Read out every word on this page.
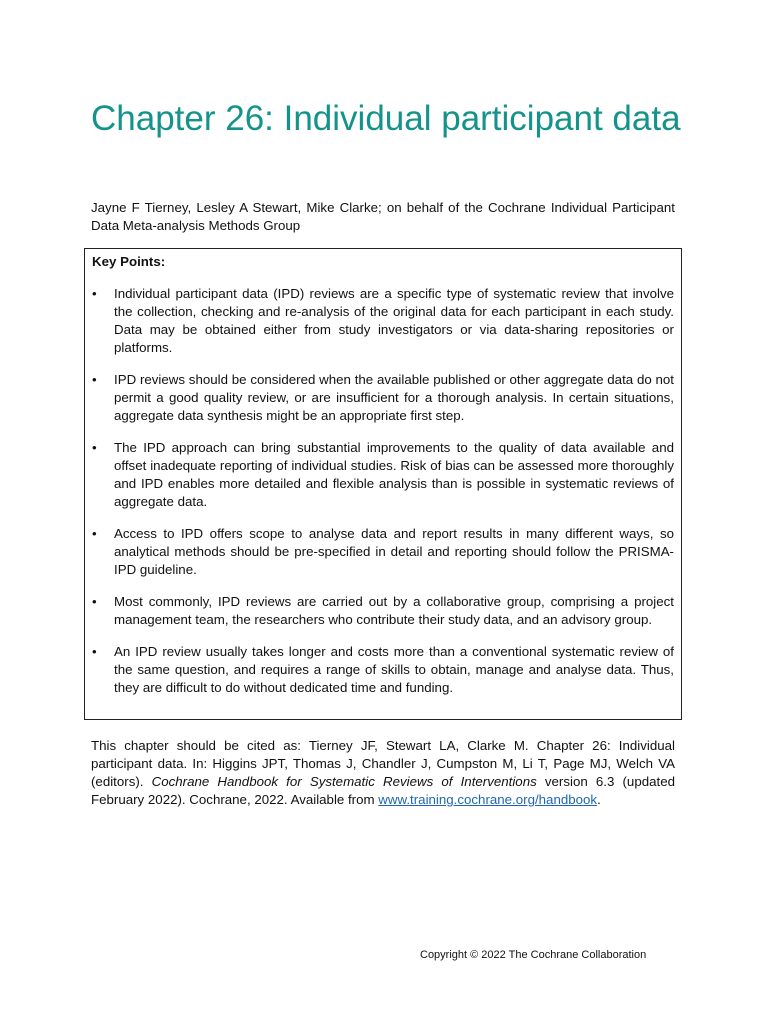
Chapter 26: Individual participant data

Jayne F Tierney, Lesley A Stewart, Mike Clarke; on behalf of the Cochrane Individual Participant Data Meta-analysis Methods Group

Key Points:
• Individual participant data (IPD) reviews are a specific type of systematic review that involve the collection, checking and re-analysis of the original data for each participant in each study. Data may be obtained either from study investigators or via data-sharing repositories or platforms.
• IPD reviews should be considered when the available published or other aggregate data do not permit a good quality review, or are insufficient for a thorough analysis. In certain situations, aggregate data synthesis might be an appropriate first step.
• The IPD approach can bring substantial improvements to the quality of data available and offset inadequate reporting of individual studies. Risk of bias can be assessed more thoroughly and IPD enables more detailed and flexible analysis than is possible in systematic reviews of aggregate data.
• Access to IPD offers scope to analyse data and report results in many different ways, so analytical methods should be pre-specified in detail and reporting should follow the PRISMA-IPD guideline.
• Most commonly, IPD reviews are carried out by a collaborative group, comprising a project management team, the researchers who contribute their study data, and an advisory group.
• An IPD review usually takes longer and costs more than a conventional systematic review of the same question, and requires a range of skills to obtain, manage and analyse data. Thus, they are difficult to do without dedicated time and funding.

This chapter should be cited as: Tierney JF, Stewart LA, Clarke M. Chapter 26: Individual participant data. In: Higgins JPT, Thomas J, Chandler J, Cumpston M, Li T, Page MJ, Welch VA (editors). Cochrane Handbook for Systematic Reviews of Interventions version 6.3 (updated February 2022). Cochrane, 2022. Available from www.training.cochrane.org/handbook.

Copyright © 2022 The Cochrane Collaboration
